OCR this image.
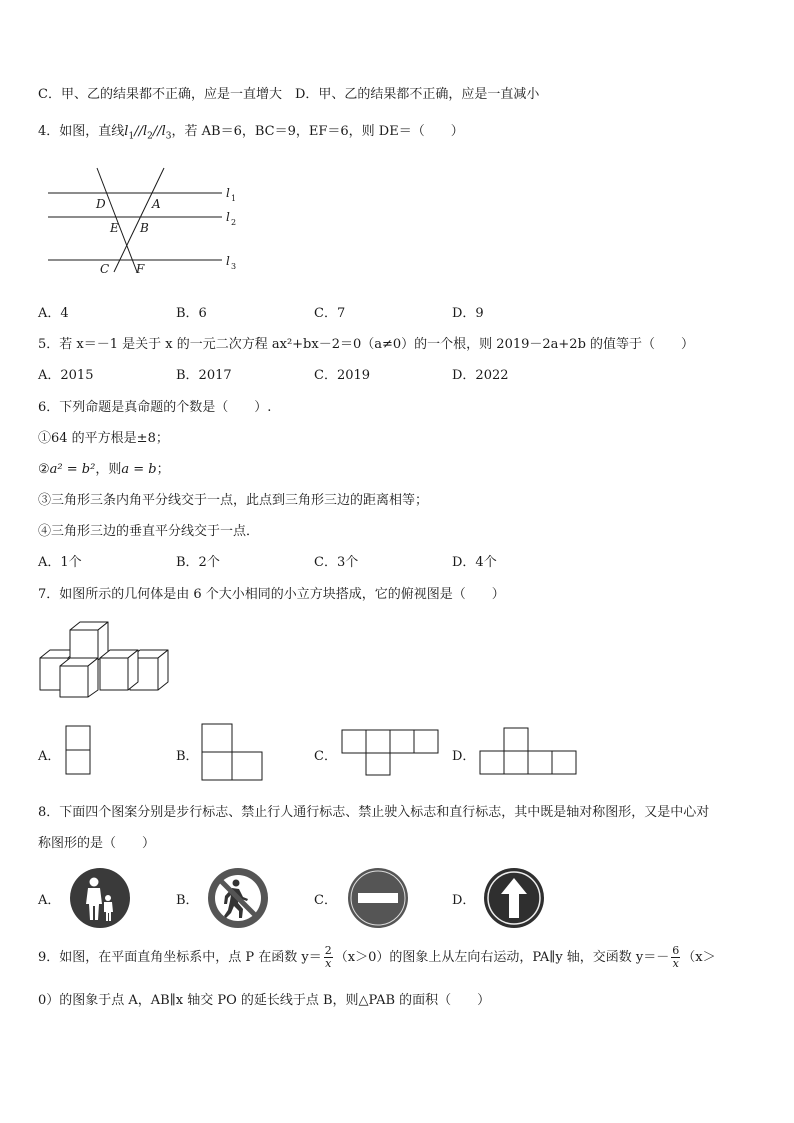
C．甲、乙的结果都不正确，应是一直增大　D．甲、乙的结果都不正确，应是一直减小
4．如图，直线$l_1//l_2//l_3$，若 AB＝6，BC＝9，EF＝6，则 DE＝（　　）
D	A
E B
C F
l 1
l 2
l 3
A．4	B．6	C．7	D．9
5．若 x＝－1 是关于 x 的一元二次方程 ax²+bx－2＝0（a≠0）的一个根，则 2019－2a+2b 的值等于（　　）
A．2015	B．2017	C．2019	D．2022
6．下列命题是真命题的个数是（　　）.
①64 的平方根是±8；
②a² = b²，则a = b；
③三角形三条内角平分线交于一点，此点到三角形三边的距离相等；
④三角形三边的垂直平分线交于一点．
A．1个	B．2个	C．3个	D．4个
7．如图所示的几何体是由 6 个大小相同的小立方块搭成，它的俯视图是（　　）
A．	B．	C．	D．
8．下面四个图案分别是步行标志、禁止行人通行标志、禁止驶入标志和直行标志，其中既是轴对称图形，又是中心对
称图形的是（　　）
A．	B．	C．	D．
9．如图，在平面直角坐标系中，点 P 在函数 $y= \frac{2}{x} (x>0)$的图象上从左向右运动，PA∥y 轴，交函数 $y=- \frac{6}{x} (x>$
0）的图象于点 A，AB∥x 轴交 PO 的延长线于点 B，则△PAB 的面积（　　）
